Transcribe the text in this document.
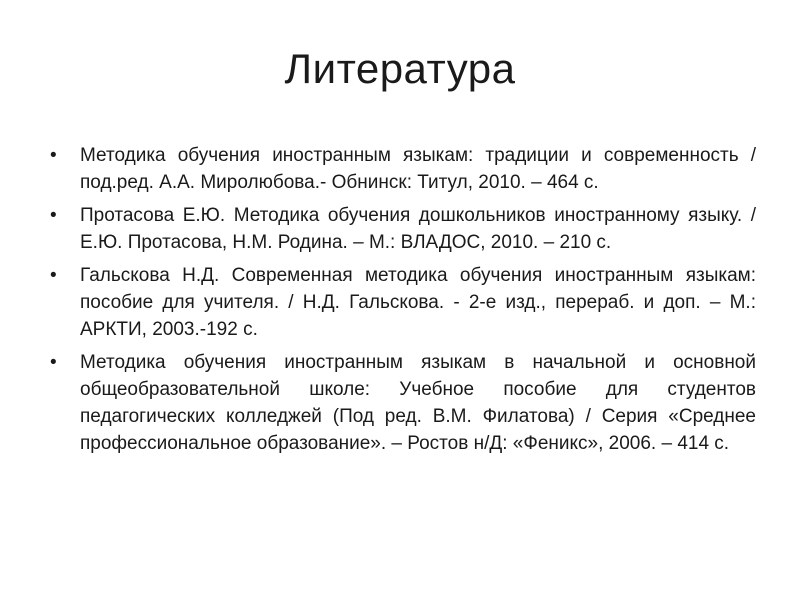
Литература
•	Методика обучения иностранным языкам: традиции и современность / под.ред. А.А. Миролюбова.- Обнинск: Титул, 2010. – 464 с.
•	Протасова Е.Ю. Методика обучения дошкольников иностранному языку. / Е.Ю. Протасова, Н.М. Родина. – М.: ВЛАДОС, 2010. – 210 с.
•	Гальскова Н.Д. Современная методика обучения иностранным языкам: пособие для учителя. / Н.Д. Гальскова. - 2-е изд., перераб. и доп. – М.: АРКТИ, 2003.-192 с.
•	Методика обучения иностранным языкам в начальной и основной общеобразовательной школе: Учебное пособие для студентов педагогических колледжей (Под ред. В.М. Филатова) / Серия «Среднее профессиональное образование». – Ростов н/Д: «Феникс», 2006. – 414 с.
